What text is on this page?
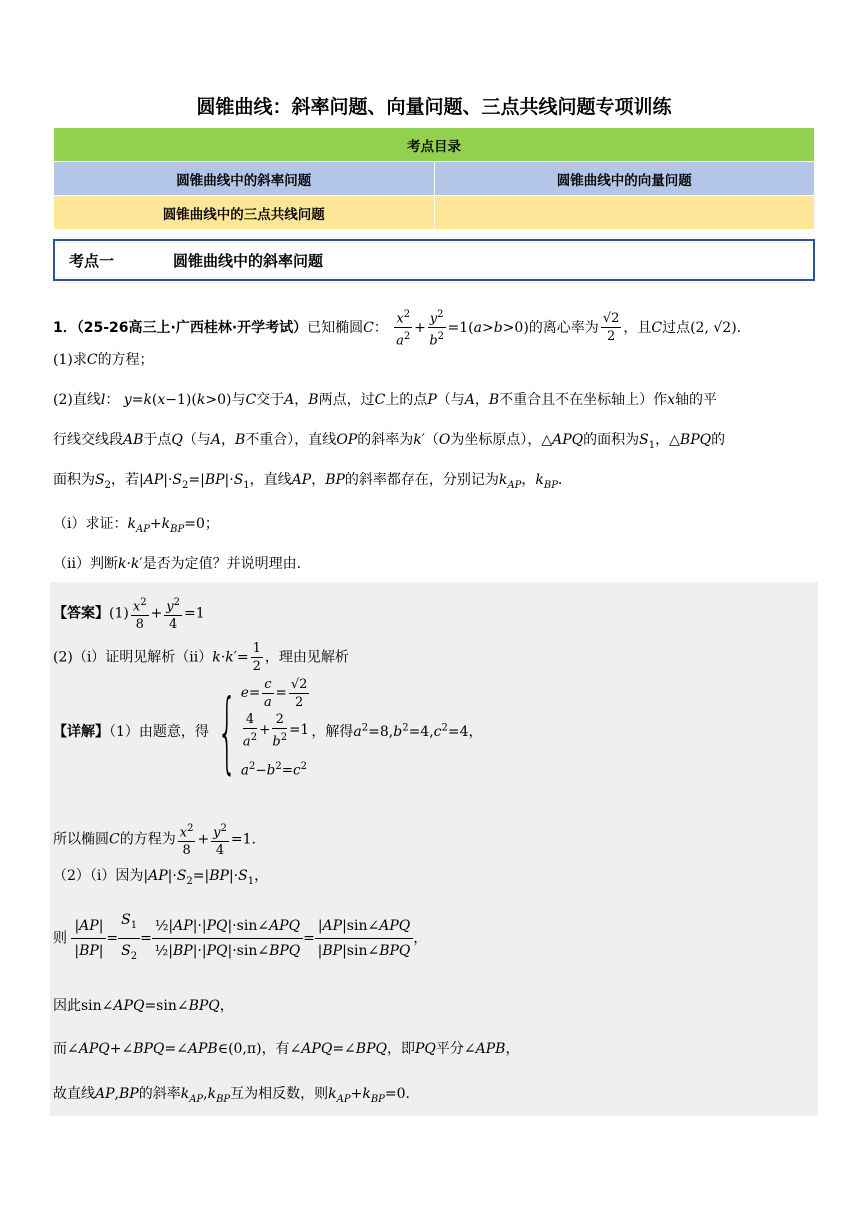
圆锥曲线：斜率问题、向量问题、三点共线问题专项训练
考点目录	
圆锥曲线中的斜率问题	圆锥曲线中的向量问题
圆锥曲线中的三点共线问题	
考点一	圆锥曲线中的斜率问题
1．（25-26高三上·广西桂林·开学考试）已知椭圆C： $\frac{x^2}{a^2} + \frac{y^2}{b^2} =1(a>b>0)$的离心率为 $\frac{√2}{2}$ ，且C过点(2, √2).
(1)求C的方程；
(2)直线l： y=k(x−1)(k>0)与C交于A，B两点，过C上的点P（与A，B不重合且不在坐标轴上）作x轴的平
行线交线段AB于点Q（与A，B不重合），直线OP的斜率为k′（O为坐标原点），△APQ的面积为$S_1$，△BPQ的
面积为$S_2$，若$|AP|\cdot S_2=|BP|\cdot S_1$，直线AP，BP的斜率都存在，分别记为$k_{AP}$，$k_{BP}$.
（i）求证：$k_{AP}+k_{BP}=0$；
（ii）判断k·k′是否为定值？并说明理由.
【答案】$(1) \frac{x^2}{8} + \frac{y^2}{4} =1$
(2)（i）证明见解析$(ii)k\cdot k'= \frac{1}{2}$ ，理由见解析
【详解】（1）由题意，得{ $e= \frac{c}{a} = \frac{√2}{2}$
$\frac{4}{a^2} + \frac{2}{b^2} =1$
$a^2-b^2=c^2$
，解得$a^2=8,b^2=4,c^2=4$，
所以椭圆C的方程为 $\frac{x^2}{8} + \frac{y^2}{4} =1$.
（2）（i）因为$|AP|\cdot S_2=|BP|\cdot S_1$，
则 $\frac{|AP|}{|BP|} = \frac{S_1}{S_2} = \frac{\text{½|AP|·|PQ|·sin∠APQ}}{\text{½|BP|·|PQ|·sin∠BPQ}} = \frac{\text{|AP|sin∠APQ}}{\text{|BP|sin∠BPQ}}$ ，
因此sin∠APQ=sin∠BPQ，
而∠APQ+∠BPQ=∠APB∈(0,π)，有∠APQ=∠BPQ，即PQ平分∠APB，
故直线AP,BP的斜率$k_{AP},k_{BP}$互为相反数，则$k_{AP}+k_{BP}=0$.
